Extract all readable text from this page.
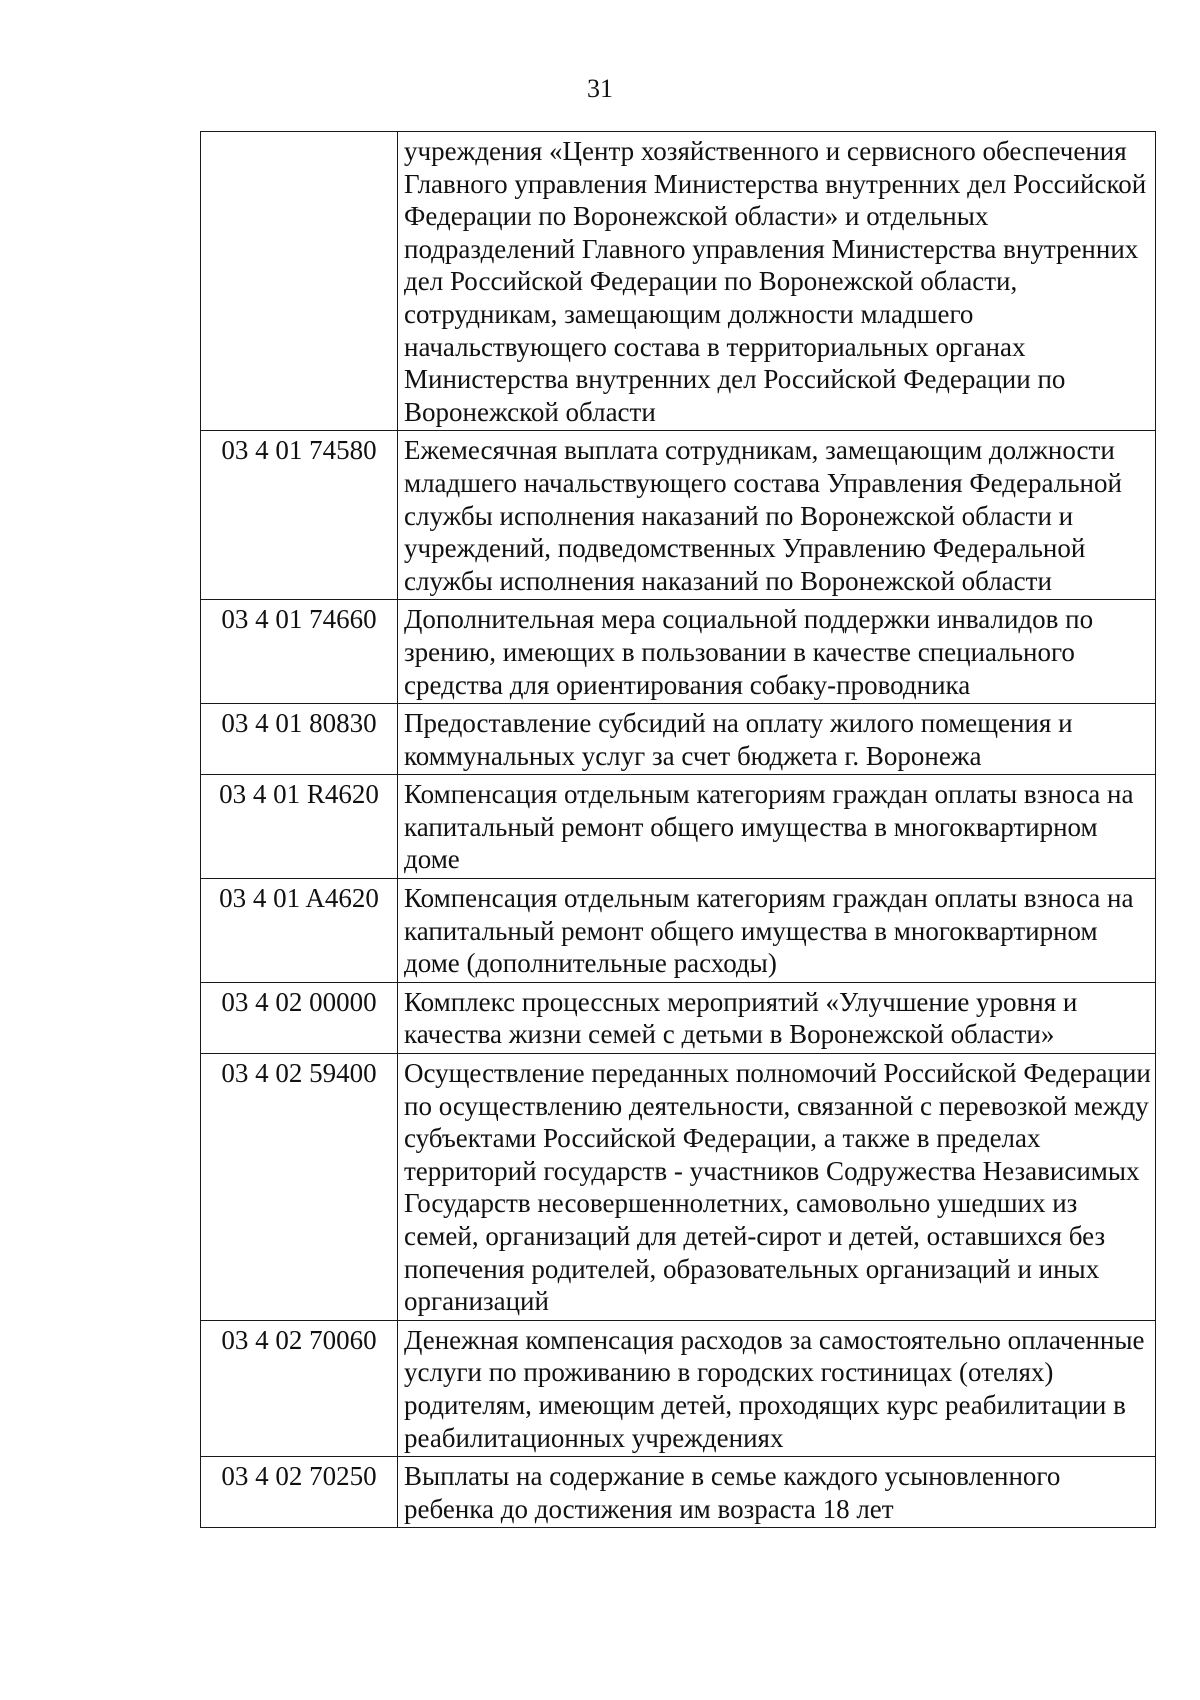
31
	учреждения «Центр хозяйственного и сервисного обеспечения Главного управления Министерства внутренних дел Российской Федерации по Воронежской области» и отдельных подразделений Главного управления Министерства внутренних дел Российской Федерации по Воронежской области, сотрудникам, замещающим должности младшего начальствующего состава в территориальных органах Министерства внутренних дел Российской Федерации по Воронежской области
03 4 01 74580	Ежемесячная выплата сотрудникам, замещающим должности младшего начальствующего состава Управления Федеральной службы исполнения наказаний по Воронежской области и учреждений, подведомственных Управлению Федеральной службы исполнения наказаний по Воронежской области
03 4 01 74660	Дополнительная мера социальной поддержки инвалидов по зрению, имеющих в пользовании в качестве специального средства для ориентирования собаку-проводника
03 4 01 80830	Предоставление субсидий на оплату жилого помещения и коммунальных услуг за счет бюджета г. Воронежа
03 4 01 R4620	Компенсация отдельным категориям граждан оплаты взноса на капитальный ремонт общего имущества в многоквартирном доме
03 4 01 A4620	Компенсация отдельным категориям граждан оплаты взноса на капитальный ремонт общего имущества в многоквартирном доме (дополнительные расходы)
03 4 02 00000	Комплекс процессных мероприятий «Улучшение уровня и качества жизни семей с детьми в Воронежской области»
03 4 02 59400	Осуществление переданных полномочий Российской Федерации по осуществлению деятельности, связанной с перевозкой между субъектами Российской Федерации, а также в пределах территорий государств - участников Содружества Независимых Государств несовершеннолетних, самовольно ушедших из семей, организаций для детей-сирот и детей, оставшихся без попечения родителей, образовательных организаций и иных организаций
03 4 02 70060	Денежная компенсация расходов за самостоятельно оплаченные услуги по проживанию в городских гостиницах (отелях) родителям, имеющим детей, проходящих курс реабилитации в реабилитационных учреждениях
03 4 02 70250	Выплаты на содержание в семье каждого усыновленного ребенка до достижения им возраста 18 лет
